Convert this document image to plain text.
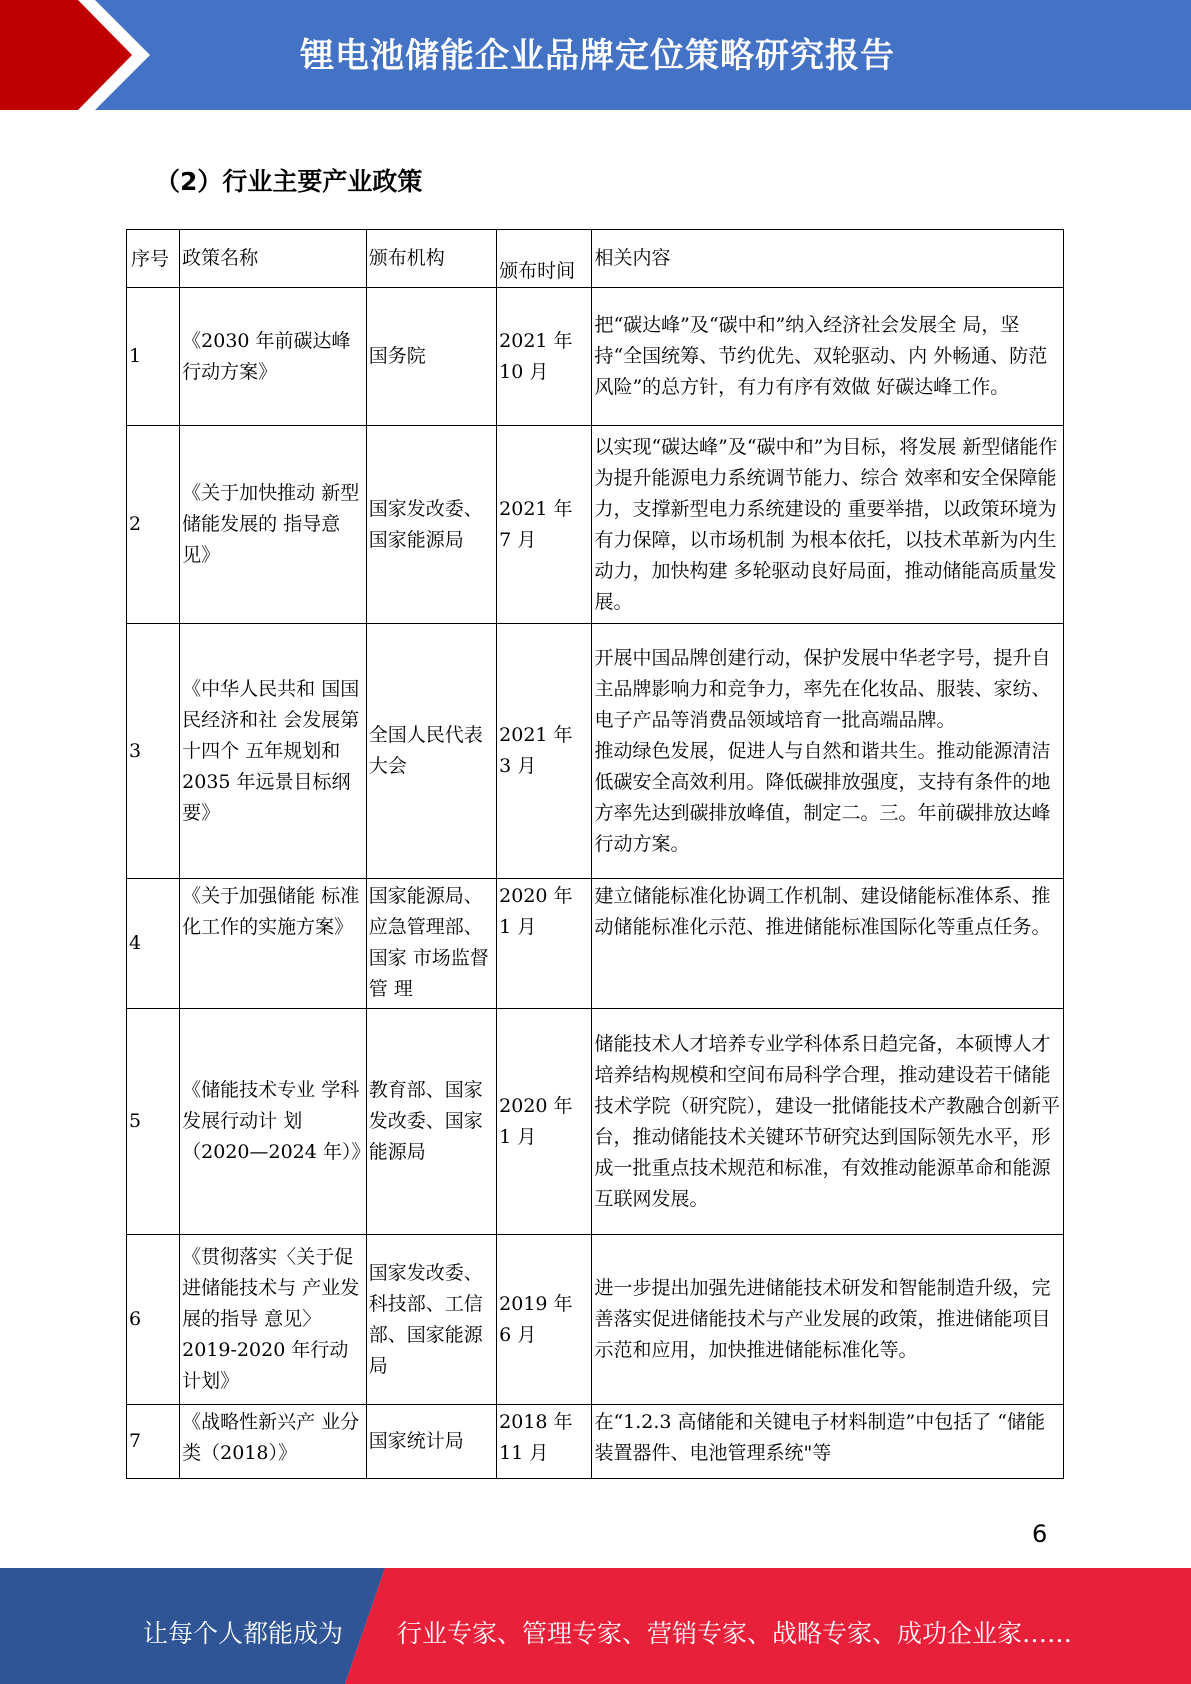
锂电池储能企业品牌定位策略研究报告
（2）行业主要产业政策
序号	政策名称	颁布机构	颁布时间	相关内容
1	《2030 年前碳达峰行动方案》	国务院	2021 年 10 月	把“碳达峰”及“碳中和”纳入经济社会发展全 局，坚持“全国统筹、节约优先、双轮驱动、内 外畅通、防范风险”的总方针，有力有序有效做 好碳达峰工作。
2	《关于加快推动 新型储能发展的 指导意见》	国家发改委、国家能源局	2021 年 7 月	以实现“碳达峰”及“碳中和”为目标，将发展 新型储能作为提升能源电力系统调节能力、综合 效率和安全保障能力，支撑新型电力系统建设的 重要举措，以政策环境为有力保障，以市场机制 为根本依托，以技术革新为内生动力，加快构建 多轮驱动良好局面，推动储能高质量发展。
3	《中华人民共和 国国民经济和社 会发展第十四个 五年规划和 2035 年远景目标纲 要》	全国人民代表大会	2021 年 3 月	开展中国品牌创建行动，保护发展中华老字号，提升自主品牌影响力和竞争力，率先在化妆品、服装、家纺、电子产品等消费品领域培育一批高端品牌。
推动绿色发展，促进人与自然和谐共生。推动能源清洁低碳安全高效利用。降低碳排放强度，支持有条件的地方率先达到碳排放峰值，制定二。三。年前碳排放达峰行动方案。

4	《关于加强储能 标准化工作的实施方案》	国家能源局、应急管理部、国家 市场监督管 理	2020 年 1 月	建立储能标准化协调工作机制、建设储能标准体系、推动储能标准化示范、推进储能标准国际化等重点任务。
5	《储能技术专业 学科发展行动计 划（2020—2024 年）》	教育部、国家发改委、国家能源局	2020 年 1 月	储能技术人才培养专业学科体系日趋完备，本硕博人才培养结构规模和空间布局科学合理，推动建设若干储能技术学院（研究院），建设一批储能技术产教融合创新平台，推动储能技术关键环节研究达到国际领先水平，形成一批重点技术规范和标准，有效推动能源革命和能源互联网发展。
6	《贯彻落实〈关于促进储能技术与 产业发展的指导 意见〉2019-2020 年行动计划》	国家发改委、科技部、工信部、国家能源局	2019 年 6 月	进一步提出加强先进储能技术研发和智能制造升级，完善落实促进储能技术与产业发展的政策，推进储能项目示范和应用，加快推进储能标准化等。
7	《战略性新兴产 业分类（2018）》	国家统计局	2018 年 11 月	在“1.2.3 高储能和关键电子材料制造”中包括了 “储能装置器件、电池管理系统"等
6
让每个人都能成为 行业专家、管理专家、营销专家、战略专家、成功企业家……
